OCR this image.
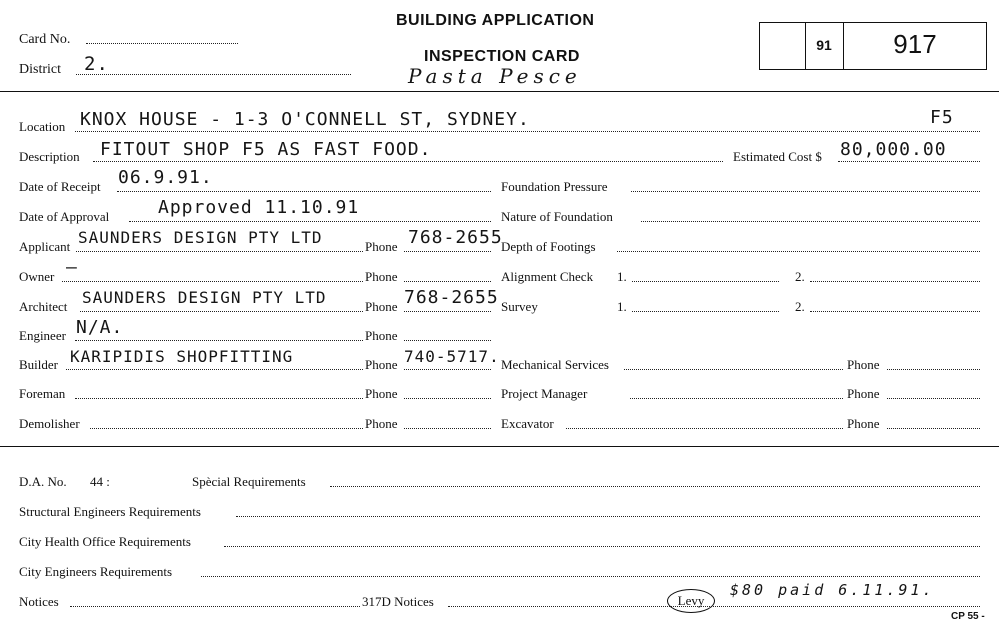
Card No.
District 2.
BUILDING APPLICATION
INSPECTION CARD
Pasta Pesce
91	917
Location KNOX HOUSE - 1-3 O'CONNELL ST, SYDNEY.	F5
Description FITOUT SHOP F5 AS FAST FOOD.	Estimated Cost $ 80,000.00
Date of Receipt 06.9.91.
Date of Approval	Approved 11.10.91
Applicant SAUNDERS DESIGN PTY LTD	Phone 768-2655
Owner —	Phone
Architect SAUNDERS DESIGN PTY LTD	Phone 768-2655
Engineer N/A.	Phone
Builder KARIPIDIS SHOPFITTING	Phone 740-5717.
Foreman	Phone
Demolisher	Phone
Foundation Pressure
Nature of Foundation
Depth of Footings
Alignment Check 1.	2.
Survey	1.	2.
Mechanical Services	Phone
Project Manager	Phone
Excavator	Phone
D.A. No. 44 :	Spècial Requirements
Structural Engineers Requirements
City Health Office Requirements
City Engineers Requirements
Notices	317D Notices	Levy
$80 paid 6.11.91.
CP 55 -
